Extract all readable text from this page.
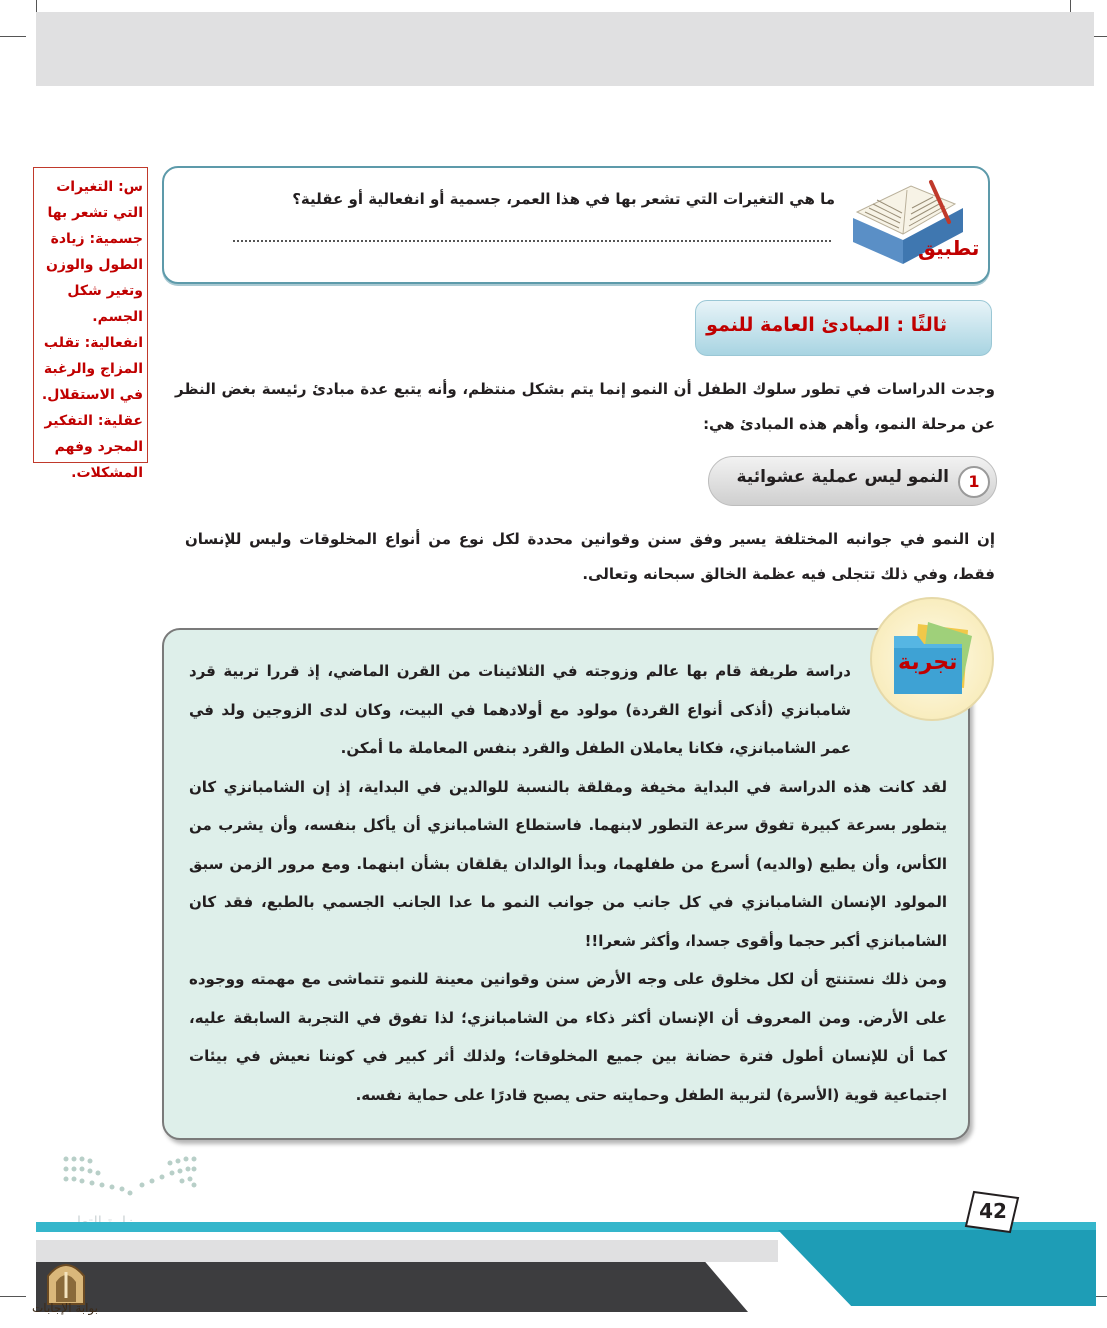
س: التغيرات التي تشعر بها

جسمية: زيادة الطول والوزن وتغير شكل الجسم.

انفعالية: تقلب المزاج والرغبة في الاستقلال.

عقلية: التفكير المجرد وفهم المشكلات.

تطبيق
ما هي التغيرات التي تشعر بها في هذا العمر، جسمية أو انفعالية أو عقلية؟
ثالثًا : المبادئ العامة للنمو
وجدت الدراسات في تطور سلوك الطفل أن النمو إنما يتم بشكل منتظم، وأنه يتبع عدة مبادئ رئيسة بغض النظر عن مرحلة النمو، وأهم هذه المبادئ هي:
1
النمو ليس عملية عشوائية
إن النمو في جوانبه المختلفة يسير وفق سنن وقوانين محددة لكل نوع من أنواع المخلوقات وليس للإنسان فقط، وفي ذلك تتجلى فيه عظمة الخالق سبحانه وتعالى.

دراسة طريفة قام بها عالم وزوجته في الثلاثينات من القرن الماضي، إذ قررا تربية قرد شامبانزي (أذكى أنواع القردة) مولود مع أولادهما في البيت، وكان لدى الزوجين ولد في عمر الشامبانزي، فكانا يعاملان الطفل والقرد بنفس المعاملة ما أمكن.

لقد كانت هذه الدراسة في البداية مخيفة ومقلقة بالنسبة للوالدين في البداية، إذ إن الشامبانزي كان يتطور بسرعة كبيرة تفوق سرعة التطور لابنهما. فاستطاع الشامبانزي أن يأكل بنفسه، وأن يشرب من الكأس، وأن يطيع (والديه) أسرع من طفلهما، وبدأ الوالدان يقلقان بشأن ابنهما. ومع مرور الزمن سبق المولود الإنسان الشامبانزي في كل جانب من جوانب النمو ما عدا الجانب الجسمي بالطبع، فقد كان الشامبانزي أكبر حجما وأقوى جسدا، وأكثر شعرا!!

ومن ذلك نستنتج أن لكل مخلوق على وجه الأرض سنن وقوانين معينة للنمو تتماشى مع مهمته ووجوده على الأرض. ومن المعروف أن الإنسان أكثر ذكاء من الشامبانزي؛ لذا تفوق في التجربة السابقة عليه، كما أن للإنسان أطول فترة حضانة بين جميع المخلوقات؛ ولذلك أثر كبير في كوننا نعيش في بيئات اجتماعية قوية (الأسرة) لتربية الطفل وحمايته حتى يصبح قادرًا على حماية نفسه.

تجربة
42
بوابة الإجابات
